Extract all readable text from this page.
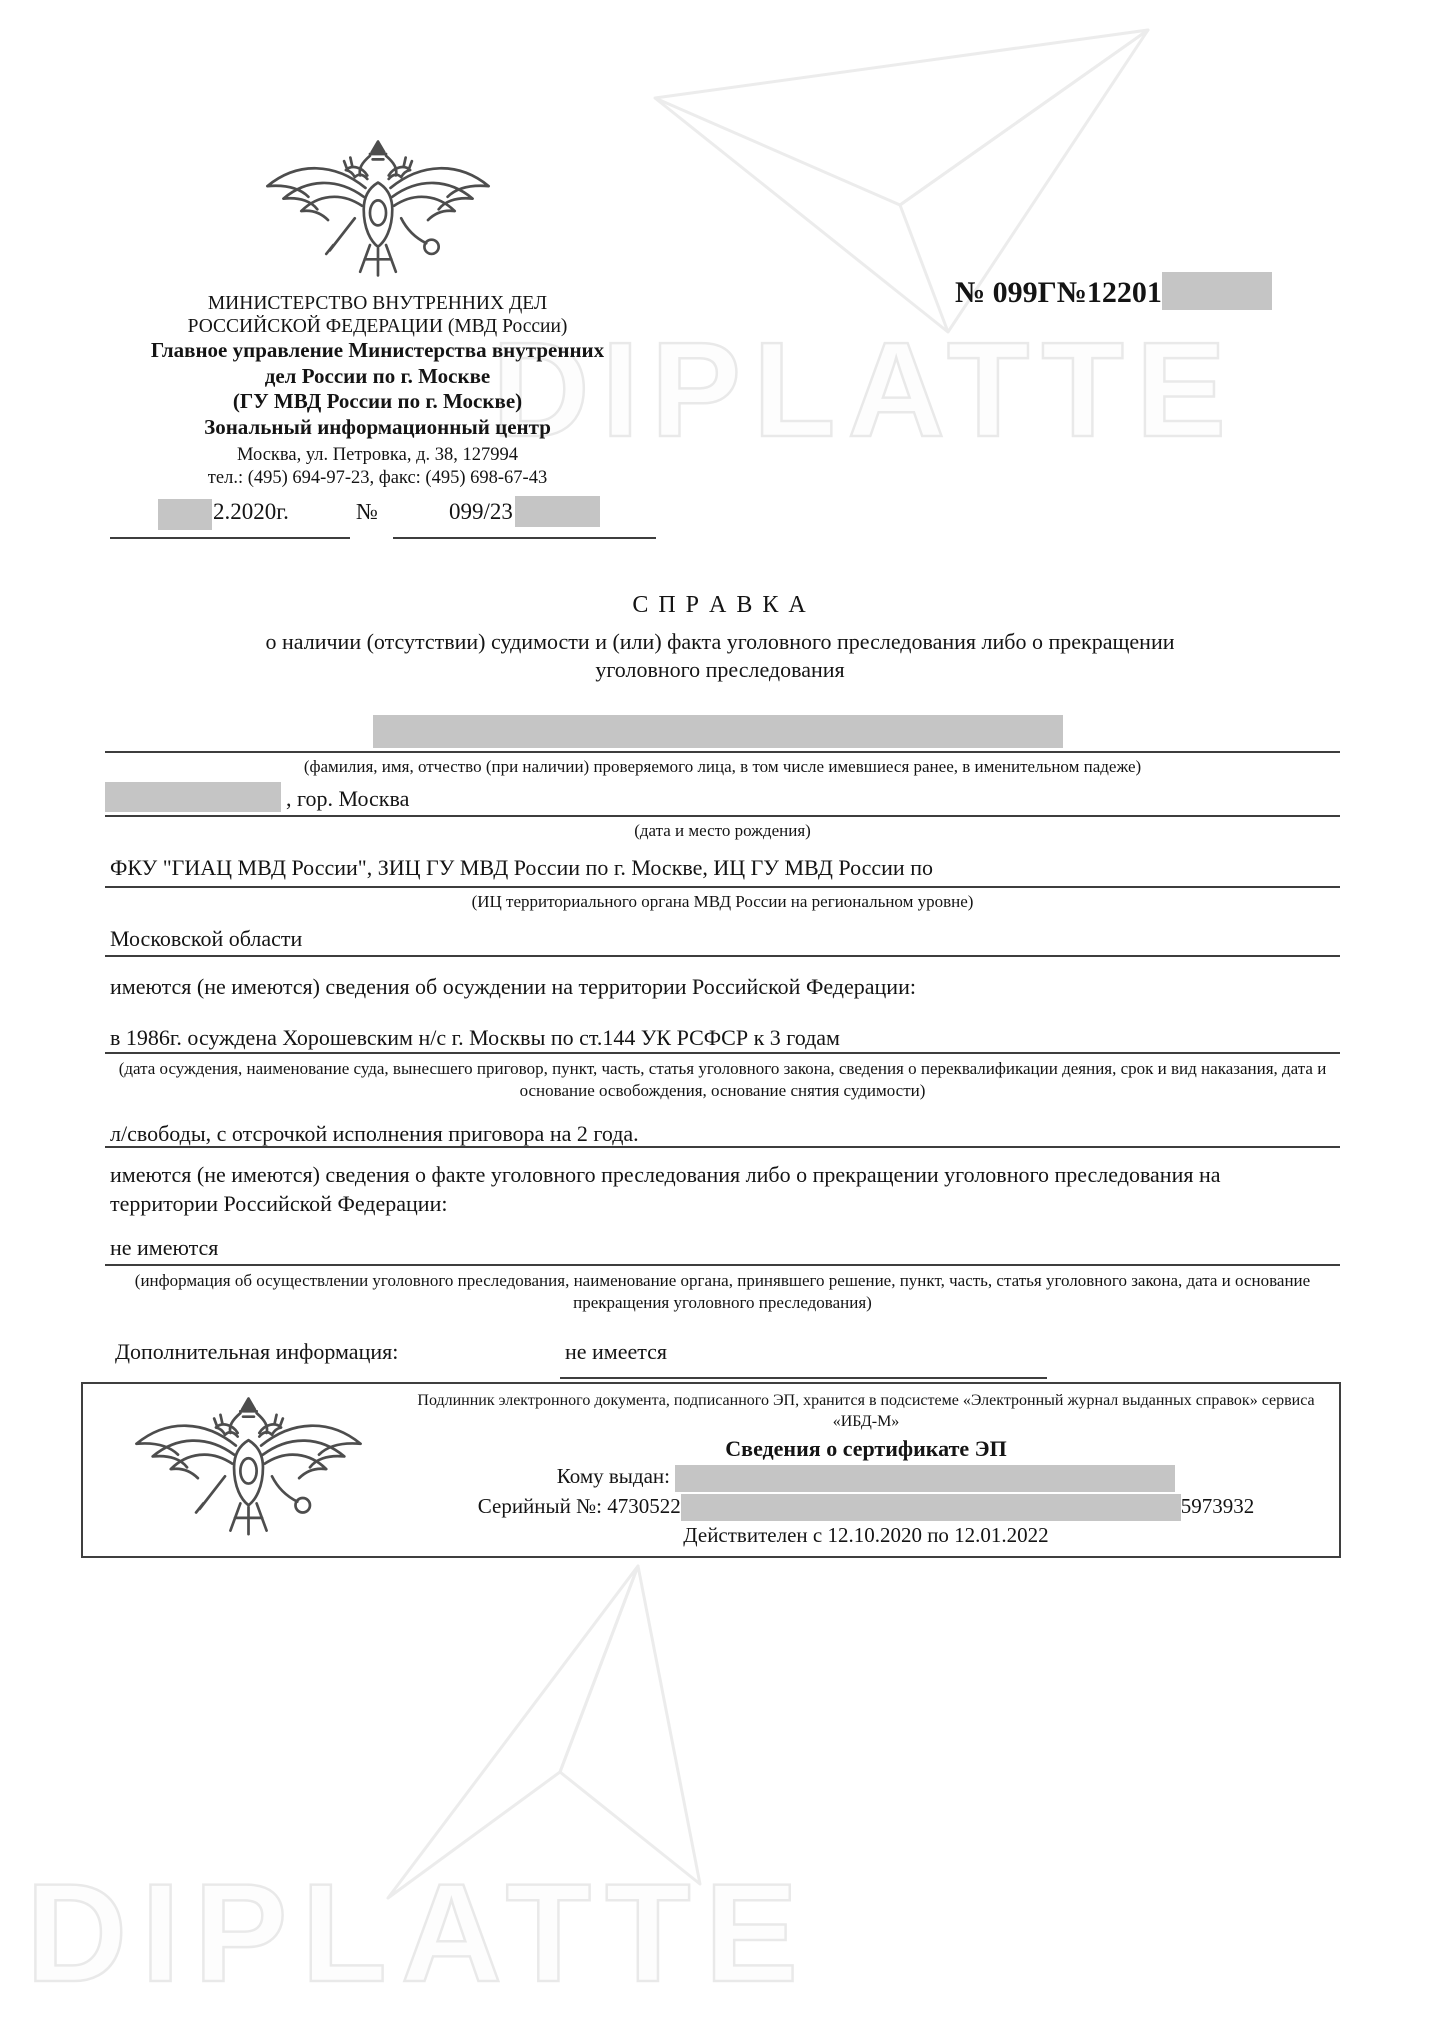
DIPLATTE
DIPLATTE
МИНИСТЕРСТВО ВНУТРЕННИХ ДЕЛ
РОССИЙСКОЙ ФЕДЕРАЦИИ (МВД России)
Главное управление Министерства внутренних
дел России по г. Москве
(ГУ МВД России по г. Москве)
Зональный информационный центр
Москва, ул. Петровка, д. 38, 127994
тел.: (495) 694-97-23, факс: (495) 698-67-43
№ 099Г№12201
2.2020г.	№	099/23
С П Р А В К А
о наличии (отсутствии) судимости и (или) факта уголовного преследования либо о прекращении уголовного преследования
(фамилия, имя, отчество (при наличии) проверяемого лица, в том числе имевшиеся ранее, в именительном падеже)
, гор. Москва
(дата и место рождения)
ФКУ "ГИАЦ МВД России", ЗИЦ ГУ МВД России по г. Москве, ИЦ ГУ МВД России по
(ИЦ территориального органа МВД России на региональном уровне)
Московской области
имеются (не имеются) сведения об осуждении на территории Российской Федерации:
в 1986г. осуждена Хорошевским н/с г. Москвы по ст.144 УК РСФСР к 3 годам
(дата осуждения, наименование суда, вынесшего приговор, пункт, часть, статья уголовного закона, сведения о переквалификации деяния, срок и вид наказания, дата и основание освобождения, основание снятия судимости)
л/свободы, с отсрочкой исполнения приговора на 2 года.
имеются (не имеются) сведения о факте уголовного преследования либо о прекращении уголовного преследования на территории Российской Федерации:
не имеются
(информация об осуществлении уголовного преследования, наименование органа, принявшего решение, пункт, часть, статья уголовного закона, дата и основание прекращения уголовного преследования)
Дополнительная информация:	не имеется
Подлинник электронного документа, подписанного ЭП, хранится в подсистеме «Электронный журнал выданных справок» сервиса «ИБД-М»
Сведения о сертификате ЭП
Кому выдан:
Серийный №: 4730522	5973932
Действителен с 12.10.2020 по 12.01.2022
